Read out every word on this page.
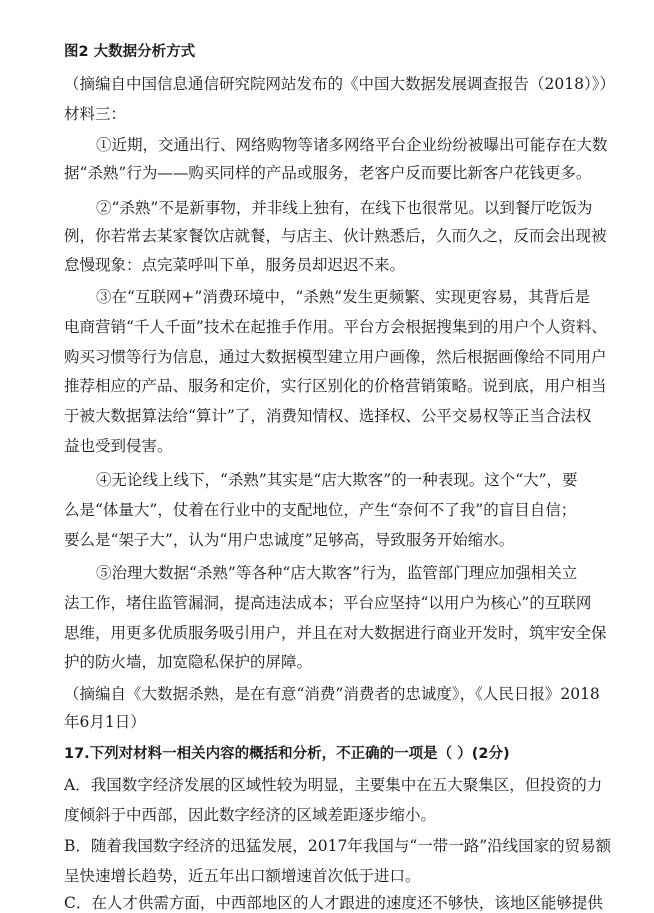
图2 大数据分析方式
（摘编自中国信息通信研究院网站发布的《中国大数据发展调查报告（2018）》）
材料三：
①近期，交通出行、网络购物等诸多网络平台企业纷纷被曝出可能存在大数
据“杀熟”行为——购买同样的产品或服务，老客户反而要比新客户花钱更多。
②“杀熟”不是新事物，并非线上独有，在线下也很常见。以到餐厅吃饭为
例，你若常去某家餐饮店就餐，与店主、伙计熟悉后，久而久之，反而会出现被
怠慢现象：点完菜呼叫下单，服务员却迟迟不来。
③在“互联网+”消费环境中，“杀熟”发生更频繁、实现更容易，其背后是
电商营销“千人千面”技术在起推手作用。平台方会根据搜集到的用户个人资料、
购买习惯等行为信息，通过大数据模型建立用户画像，然后根据画像给不同用户
推荐相应的产品、服务和定价，实行区别化的价格营销策略。说到底，用户相当
于被大数据算法给“算计”了，消费知情权、选择权、公平交易权等正当合法权
益也受到侵害。
④无论线上线下，“杀熟”其实是“店大欺客”的一种表现。这个“大”，要
么是“体量大”，仗着在行业中的支配地位，产生“奈何不了我”的盲目自信；
要么是“架子大”，认为“用户忠诚度”足够高，导致服务开始缩水。
⑤治理大数据“杀熟”等各种“店大欺客”行为，监管部门理应加强相关立
法工作，堵住监管漏洞，提高违法成本；平台应坚持“以用户为核心”的互联网
思维，用更多优质服务吸引用户，并且在对大数据进行商业开发时，筑牢安全保
护的防火墙，加宽隐私保护的屏障。
（摘编自《大数据杀熟，是在有意“消费”消费者的忠诚度》，《人民日报》2018
年6月1日）
17.下列对材料一相关内容的概括和分析，不正确的一项是（ ）(2分)
A．我国数字经济发展的区域性较为明显，主要集中在五大聚集区，但投资的力
度倾斜于中西部，因此数字经济的区域差距逐步缩小。
B．随着我国数字经济的迅猛发展，2017年我国与“一带一路”沿线国家的贸易额
呈快速增长趋势，近五年出口额增速首次低于进口。
C．在人才供需方面，中西部地区的人才跟进的速度还不够快，该地区能够提供
